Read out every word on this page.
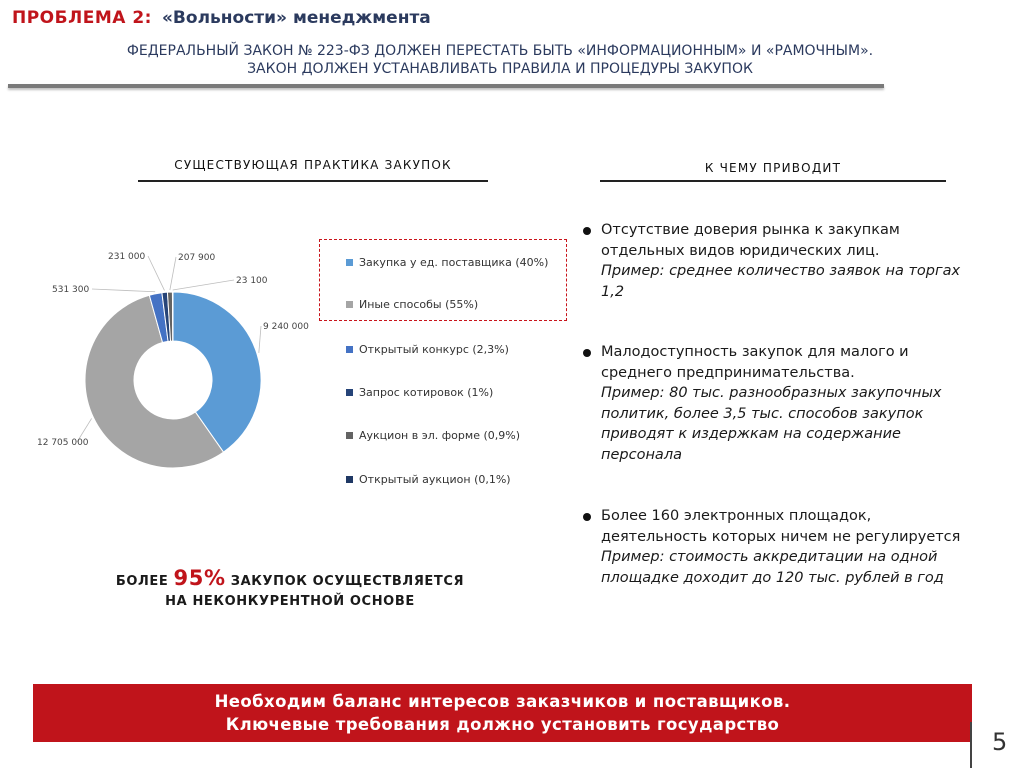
ПРОБЛЕМА 2: «Вольности» менеджмента
ФЕДЕРАЛЬНЫЙ ЗАКОН № 223-ФЗ ДОЛЖЕН ПЕРЕСТАТЬ БЫТЬ «ИНФОРМАЦИОННЫМ» И «РАМОЧНЫМ».
ЗАКОН ДОЛЖЕН УСТАНАВЛИВАТЬ ПРАВИЛА И ПРОЦЕДУРЫ ЗАКУПОК
СУЩЕСТВУЮЩАЯ ПРАКТИКА ЗАКУПОК	К ЧЕМУ ПРИВОДИТ
9 240 000
12 705 000
531 300
231 000	207 900
23 100
Закупка у ед. поставщика (40%)
Иные способы (55%)
Открытый конкурс (2,3%)
Запрос котировок (1%)
Аукцион в эл. форме (0,9%)
Открытый аукцион (0,1%)
БОЛЕЕ 95% ЗАКУПОК ОСУЩЕСТВЛЯЕТСЯ
НА НЕКОНКУРЕНТНОЙ ОСНОВЕ
Отсутствие доверия рынка к закупкам отдельных видов юридических лиц.
Пример: среднее количество заявок на торгах 1,2
Малодоступность закупок для малого и среднего предпринимательства.
Пример: 80 тыс. разнообразных закупочных политик, более 3,5 тыс. способов закупок приводят к издержкам на содержание персонала
Более 160 электронных площадок, деятельность которых ничем не регулируется
Пример: стоимость аккредитации на одной площадке доходит до 120 тыс. рублей в год
Необходим баланс интересов заказчиков и поставщиков.
Ключевые требования должно установить государство
5
